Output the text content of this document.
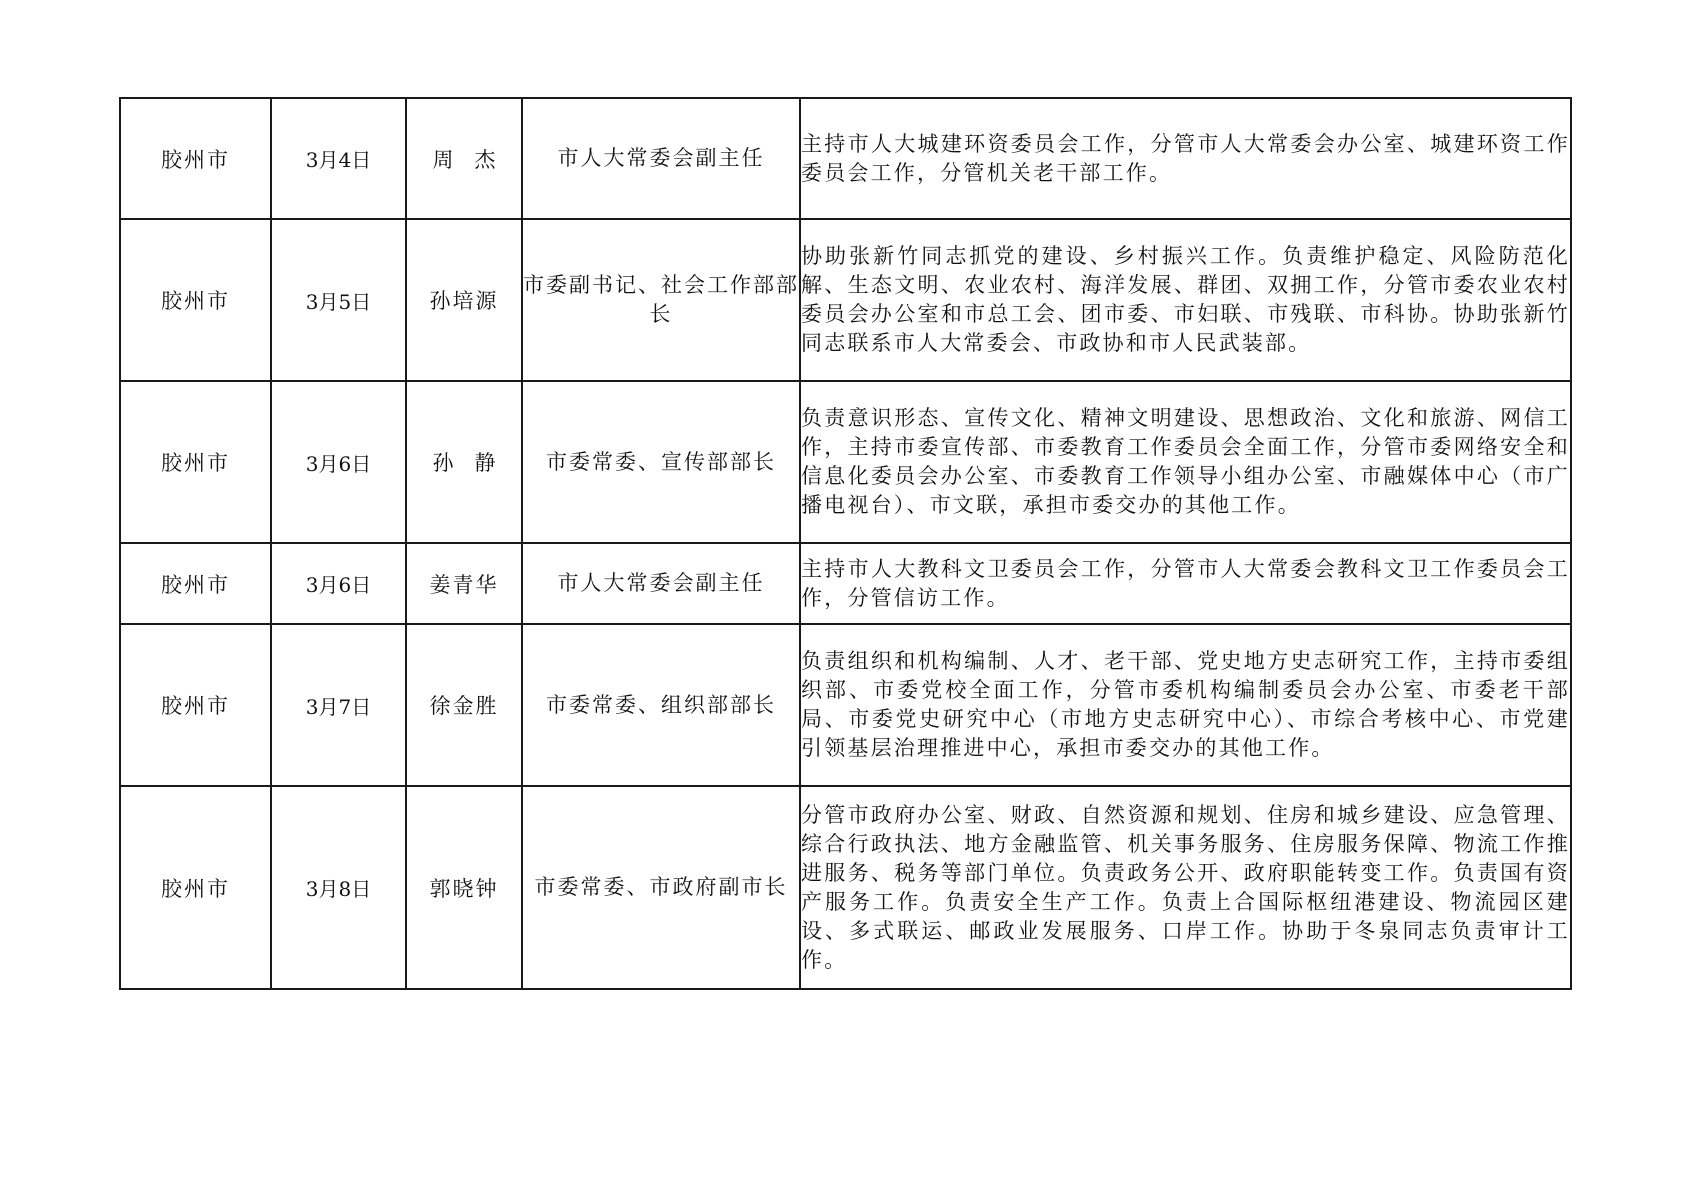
胶州市	3月4日	周　杰	市人大常委会副主任	主持市人大城建环资委员会工作，分管市人大常委会办公室、城建环资工作委员会工作，分管机关老干部工作。
胶州市	3月5日	孙培源	市委副书记、社会工作部部长	协助张新竹同志抓党的建设、乡村振兴工作。负责维护稳定、风险防范化解、生态文明、农业农村、海洋发展、群团、双拥工作，分管市委农业农村委员会办公室和市总工会、团市委、市妇联、市残联、市科协。协助张新竹同志联系市人大常委会、市政协和市人民武装部。
胶州市	3月6日	孙　静	市委常委、宣传部部长	负责意识形态、宣传文化、精神文明建设、思想政治、文化和旅游、网信工作，主持市委宣传部、市委教育工作委员会全面工作，分管市委网络安全和信息化委员会办公室、市委教育工作领导小组办公室、市融媒体中心（市广播电视台）、市文联，承担市委交办的其他工作。
胶州市	3月6日	姜青华	市人大常委会副主任	主持市人大教科文卫委员会工作，分管市人大常委会教科文卫工作委员会工作，分管信访工作。
胶州市	3月7日	徐金胜	市委常委、组织部部长	负责组织和机构编制、人才、老干部、党史地方史志研究工作，主持市委组织部、市委党校全面工作，分管市委机构编制委员会办公室、市委老干部局、市委党史研究中心（市地方史志研究中心）、市综合考核中心、市党建引领基层治理推进中心，承担市委交办的其他工作。
胶州市	3月8日	郭晓钟	市委常委、市政府副市长	分管市政府办公室、财政、自然资源和规划、住房和城乡建设、应急管理、综合行政执法、地方金融监管、机关事务服务、住房服务保障、物流工作推进服务、税务等部门单位。负责政务公开、政府职能转变工作。负责国有资产服务工作。负责安全生产工作。负责上合国际枢纽港建设、物流园区建设、多式联运、邮政业发展服务、口岸工作。协助于冬泉同志负责审计工作。
